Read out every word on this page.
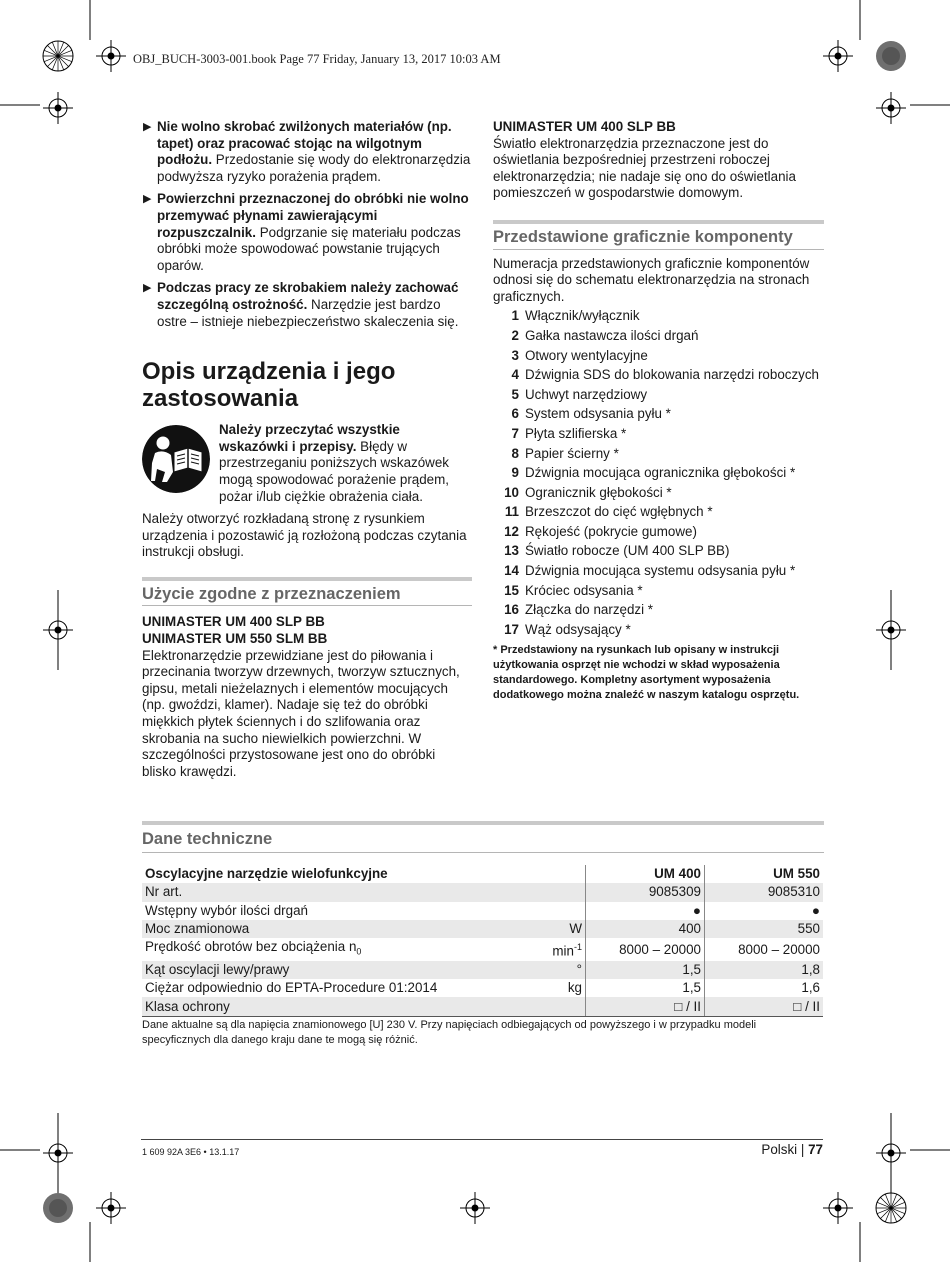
OBJ_BUCH-3003-001.book Page 77 Friday, January 13, 2017 10:03 AM
▶ Nie wolno skrobać zwilżonych materiałów (np. tapet) oraz pracować stojąc na wilgotnym podłożu. Przedostanie się wody do elektronarzędzia podwyższa ryzyko porażenia prądem.
▶ Powierzchni przeznaczonej do obróbki nie wolno przemywać płynami zawierającymi rozpuszczalnik. Podgrzanie się materiału podczas obróbki może spowodować powstanie trujących oparów.
▶ Podczas pracy ze skrobakiem należy zachować szczególną ostrożność. Narzędzie jest bardzo ostre – istnieje niebezpieczeństwo skaleczenia się.
Opis urządzenia i jego zastosowania
Należy przeczytać wszystkie wskazówki i przepisy. Błędy w przestrzeganiu poniższych wskazówek mogą spowodować porażenie prądem, pożar i/lub ciężkie obrażenia ciała.

Należy otworzyć rozkładaną stronę z rysunkiem urządzenia i pozostawić ją rozłożoną podczas czytania instrukcji obsługi.

Użycie zgodne z przeznaczeniem
UNIMASTER UM 400 SLP BB
UNIMASTER UM 550 SLM BB

Elektronarzędzie przewidziane jest do piłowania i przecinania tworzyw drzewnych, tworzyw sztucznych, gipsu, metali nieżelaznych i elementów mocujących (np. gwoździ, klamer). Nadaje się też do obróbki miękkich płytek ściennych i do szlifowania oraz skrobania na sucho niewielkich powierzchni. W szczególności przystosowane jest ono do obróbki blisko krawędzi.

UNIMASTER UM 400 SLP BB

Światło elektronarzędzia przeznaczone jest do oświetlania bezpośredniej przestrzeni roboczej elektronarzędzia; nie nadaje się ono do oświetlania pomieszczeń w gospodarstwie domowym.

Przedstawione graficznie komponenty

Numeracja przedstawionych graficznie komponentów odnosi się do schematu elektronarzędzia na stronach graficznych.

1 Włącznik/wyłącznik
2 Gałka nastawcza ilości drgań
3 Otwory wentylacyjne
4 Dźwignia SDS do blokowania narzędzi roboczych
5 Uchwyt narzędziowy
6 System odsysania pyłu *
7 Płyta szlifierska *
8 Papier ścierny *
9 Dźwignia mocująca ogranicznika głębokości *
10 Ogranicznik głębokości *
11 Brzeszczot do cięć wgłębnych *
12 Rękojeść (pokrycie gumowe)
13 Światło robocze (UM 400 SLP BB)
14 Dźwignia mocująca systemu odsysania pyłu *
15 Króciec odsysania *
16 Złączka do narzędzi *
17 Wąż odsysający *
* Przedstawiony na rysunkach lub opisany w instrukcji użytkowania osprzęt nie wchodzi w skład wyposażenia standardowego. Kompletny asortyment wyposażenia dodatkowego można znaleźć w naszym katalogu osprzętu.
Dane techniczne
Oscylacyjne narzędzie wielofunkcyjne		UM 400	UM 550
Nr art.		9085309	9085310
Wstępny wybór ilości drgań		●	●
Moc znamionowa	W	400	550
Prędkość obrotów bez obciążenia $n_0$	$\min^{-1}$	8000 – 20000	8000 – 20000
Kąt oscylacji lewy/prawy	°	1,5	1,8
Ciężar odpowiednio do EPTA-Procedure 01:2014	kg	1,5	1,6
Klasa ochrony		□ / II	□ / II
Dane aktualne są dla napięcia znamionowego [U] 230 V. Przy napięciach odbiegających od powyższego i w przypadku modeli specyficznych dla danego kraju dane te mogą się różnić.
1 609 92A 3E6 • 13.1.17	Polski | 77
